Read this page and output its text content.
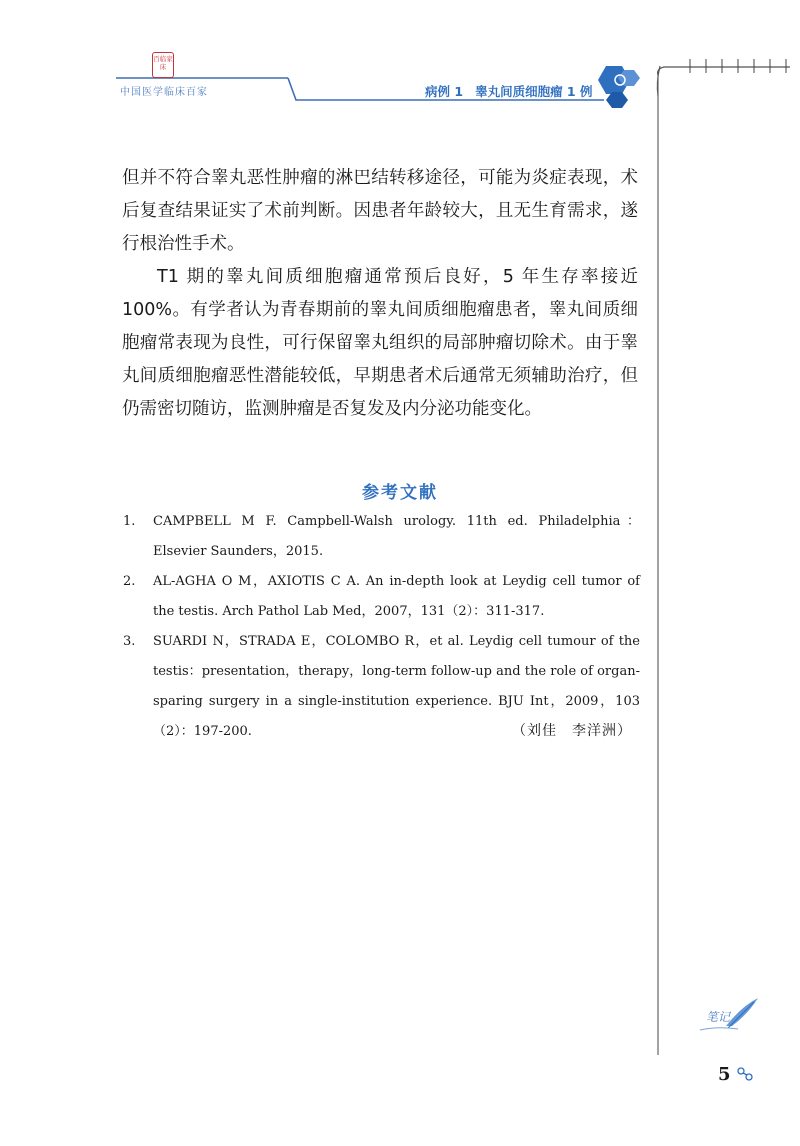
百临家床
中国医学临床百家	病例 1 睾丸间质细胞瘤 1 例

但并不符合睾丸恶性肿瘤的淋巴结转移途径，可能为炎症表现，术后复查结果证实了术前判断。因患者年龄较大，且无生育需求，遂行根治性手术。

T1 期的睾丸间质细胞瘤通常预后良好，5 年生存率接近 100%。有学者认为青春期前的睾丸间质细胞瘤患者，睾丸间质细胞瘤常表现为良性，可行保留睾丸组织的局部肿瘤切除术。由于睾丸间质细胞瘤恶性潜能较低，早期患者术后通常无须辅助治疗，但仍需密切随访，监测肿瘤是否复发及内分泌功能变化。

参考文献
1. CAMPBELL M F. Campbell-Walsh urology. 11th ed. Philadelphia：Elsevier Saunders，2015.
2. AL-AGHA O M，AXIOTIS C A. An in-depth look at Leydig cell tumor of the testis. Arch Pathol Lab Med，2007，131（2）：311-317.
3. SUARDI N，STRADA E，COLOMBO R，et al. Leydig cell tumour of the testis：presentation，therapy，long-term follow-up and the role of organ-sparing surgery in a single-institution experience. BJU Int，2009，103（2）：197-200.	（刘佳　李洋洲）
笔记
5
